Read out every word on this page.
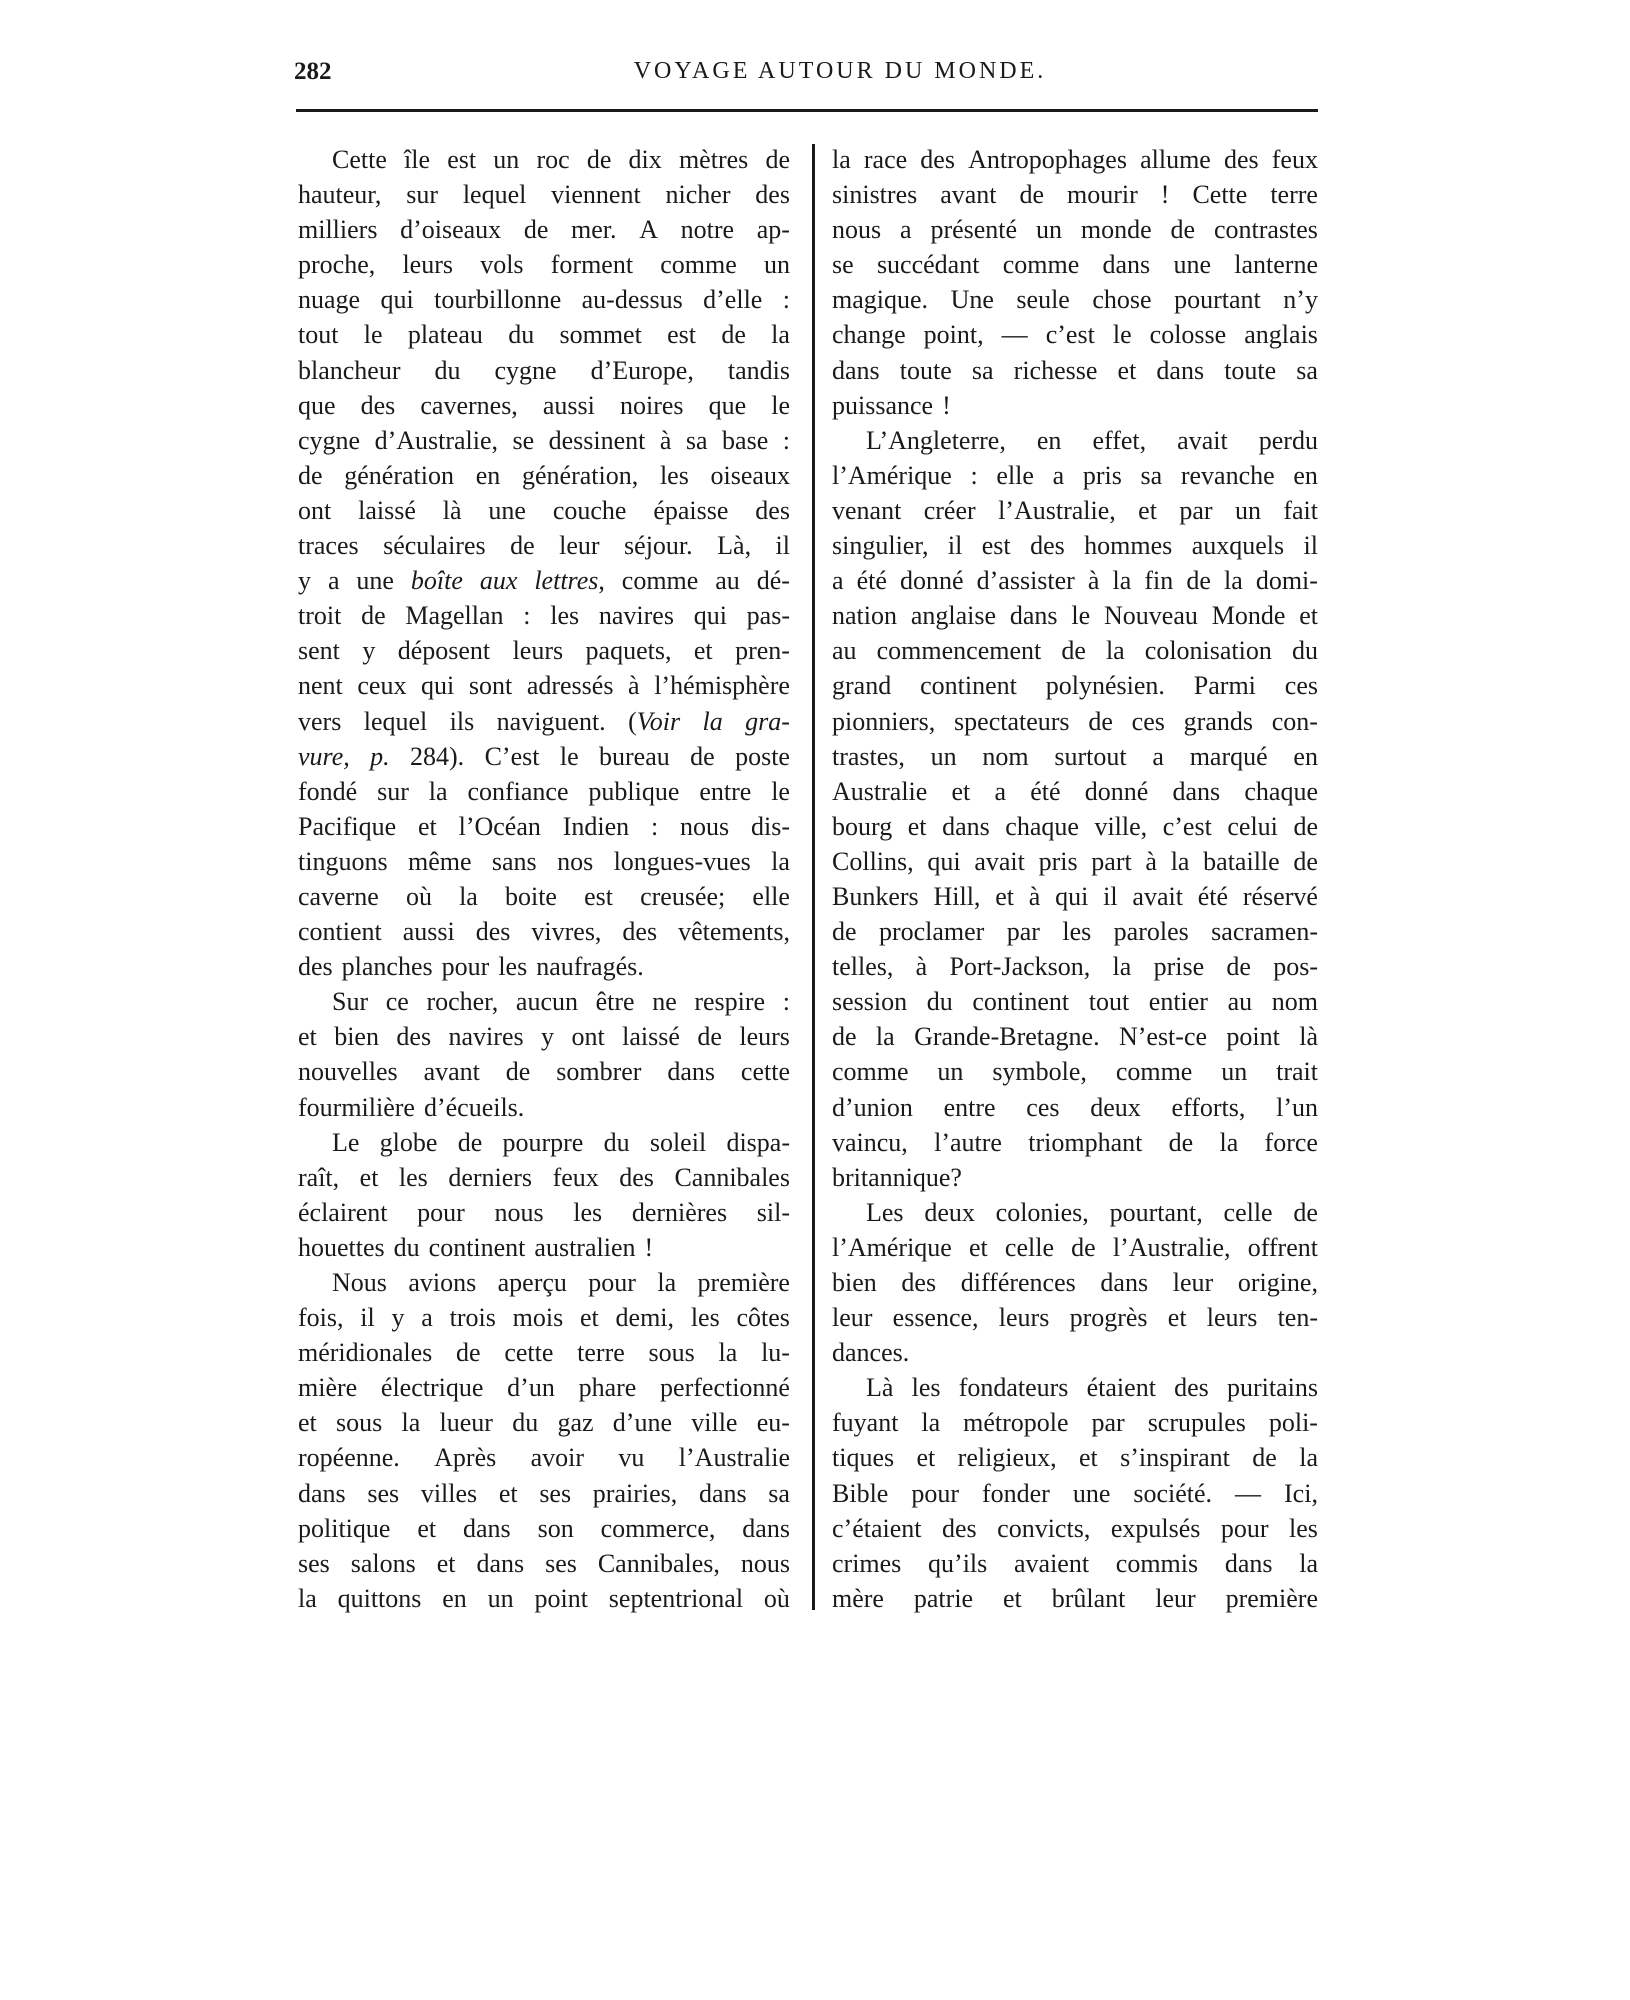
282	VOYAGE AUTOUR DU MONDE.
Cette île est un roc de dix mètres de
hauteur, sur lequel viennent nicher des
milliers d’oiseaux de mer. A notre ap-
proche, leurs vols forment comme un
nuage qui tourbillonne au-dessus d’elle :
tout le plateau du sommet est de la
blancheur du cygne d’Europe, tandis
que des cavernes, aussi noires que le
cygne d’Australie, se dessinent à sa base :
de génération en génération, les oiseaux
ont laissé là une couche épaisse des
traces séculaires de leur séjour. Là, il
y a une boîte aux lettres, comme au dé-
troit de Magellan : les navires qui pas-
sent y déposent leurs paquets, et pren-
nent ceux qui sont adressés à l’hémisphère
vers lequel ils naviguent. (Voir la gra-
vure, p. 284). C’est le bureau de poste
fondé sur la confiance publique entre le
Pacifique et l’Océan Indien : nous dis-
tinguons même sans nos longues-vues la
caverne où la boite est creusée; elle
contient aussi des vivres, des vêtements,
des planches pour les naufragés.
Sur ce rocher, aucun être ne respire :
et bien des navires y ont laissé de leurs
nouvelles avant de sombrer dans cette
fourmilière d’écueils.
Le globe de pourpre du soleil dispa-
raît, et les derniers feux des Cannibales
éclairent pour nous les dernières sil-
houettes du continent australien !
Nous avions aperçu pour la première
fois, il y a trois mois et demi, les côtes
méridionales de cette terre sous la lu-
mière électrique d’un phare perfectionné
et sous la lueur du gaz d’une ville eu-
ropéenne. Après avoir vu l’Australie
dans ses villes et ses prairies, dans sa
politique et dans son commerce, dans
ses salons et dans ses Cannibales, nous
la quittons en un point septentrional où
la race des Antropophages allume des feux
sinistres avant de mourir ! Cette terre
nous a présenté un monde de contrastes
se succédant comme dans une lanterne
magique. Une seule chose pourtant n’y
change point, — c’est le colosse anglais
dans toute sa richesse et dans toute sa
puissance !
L’Angleterre, en effet, avait perdu
l’Amérique : elle a pris sa revanche en
venant créer l’Australie, et par un fait
singulier, il est des hommes auxquels il
a été donné d’assister à la fin de la domi-
nation anglaise dans le Nouveau Monde et
au commencement de la colonisation du
grand continent polynésien. Parmi ces
pionniers, spectateurs de ces grands con-
trastes, un nom surtout a marqué en
Australie et a été donné dans chaque
bourg et dans chaque ville, c’est celui de
Collins, qui avait pris part à la bataille de
Bunkers Hill, et à qui il avait été réservé
de proclamer par les paroles sacramen-
telles, à Port-Jackson, la prise de pos-
session du continent tout entier au nom
de la Grande-Bretagne. N’est-ce point là
comme un symbole, comme un trait
d’union entre ces deux efforts, l’un
vaincu, l’autre triomphant de la force
britannique?
Les deux colonies, pourtant, celle de
l’Amérique et celle de l’Australie, offrent
bien des différences dans leur origine,
leur essence, leurs progrès et leurs ten-
dances.
Là les fondateurs étaient des puritains
fuyant la métropole par scrupules poli-
tiques et religieux, et s’inspirant de la
Bible pour fonder une société. — Ici,
c’étaient des convicts, expulsés pour les
crimes qu’ils avaient commis dans la
mère patrie et brûlant leur première
